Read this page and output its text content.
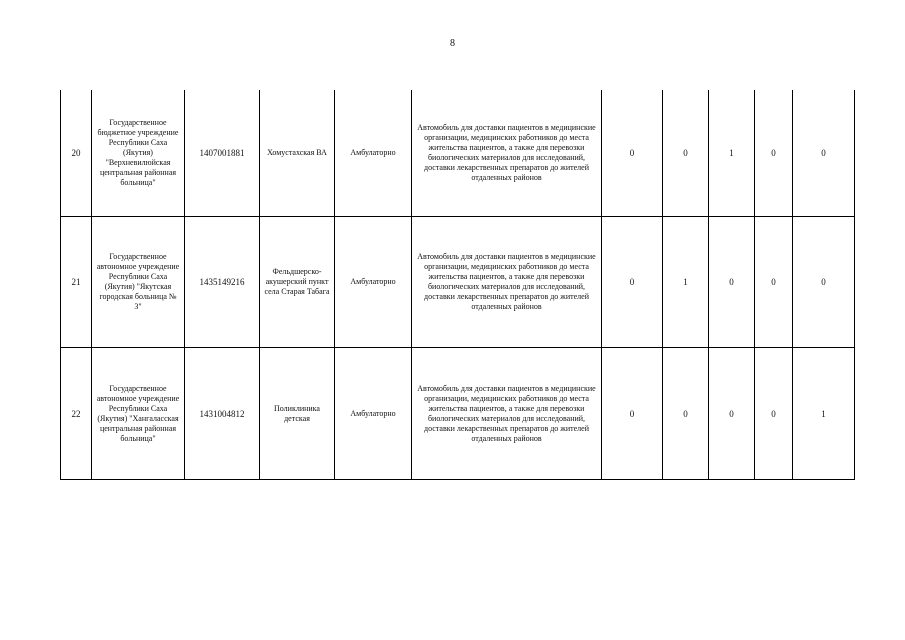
8
20	Государственное бюджетное учреждение Республики Саха (Якутия) "Верхневилюйская центральная районная больница"	1407001881	Хомустахская ВА	Амбулаторно	Автомобиль для доставки пациентов в медицинские организации, медицинских работников до места жительства пациентов, а также для перевозки биологических материалов для исследований, доставки лекарственных препаратов до жителей отдаленных районов	0	0	1	0	0
21	Государственное автономное учреждение Республики Саха (Якутия) "Якутская городская больница № 3"	1435149216	Фельдшерско-акушерский пункт села Старая Табага	Амбулаторно	Автомобиль для доставки пациентов в медицинские организации, медицинских работников до места жительства пациентов, а также для перевозки биологических материалов для исследований, доставки лекарственных препаратов до жителей отдаленных районов	0	1	0	0	0
22	Государственное автономное учреждение Республики Саха (Якутия) "Хангаласская центральная районная больница"	1431004812	Поликлиника детская	Амбулаторно	Автомобиль для доставки пациентов в медицинские организации, медицинских работников до места жительства пациентов, а также для перевозки биологических материалов для исследований, доставки лекарственных препаратов до жителей отдаленных районов	0	0	0	0	1
